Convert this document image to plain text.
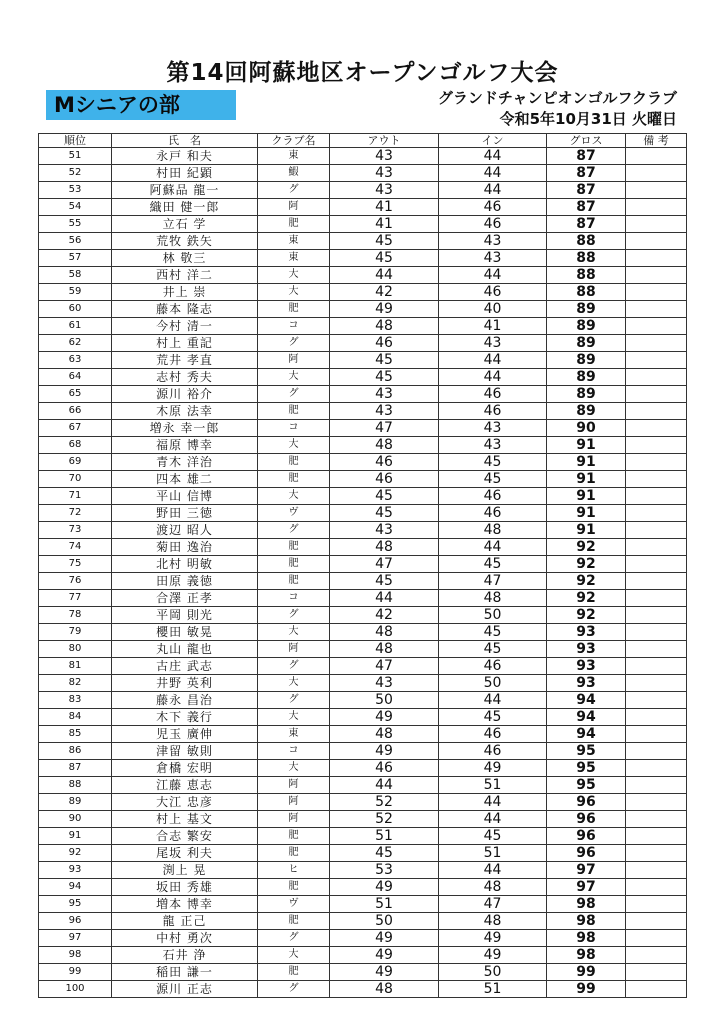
第14回阿蘇地区オープンゴルフ大会
Mシニアの部	グランドチャンピオンゴルフクラブ
令和5年10月31日 火曜日
順位	氏　名	クラブ名	アウト	イン	グロス	備 考
51	永戸 和夫	東	43	44	87	
52	村田 紀顕	鰕	43	44	87	
53	阿蘇品 龍一	グ	43	44	87	
54	織田 健一郎	阿	41	46	87	
55	立石 学	肥	41	46	87	
56	荒牧 鉄矢	東	45	43	88	
57	林 敬三	東	45	43	88	
58	西村 洋二	大	44	44	88	
59	井上 崇	大	42	46	88	
60	藤本 隆志	肥	49	40	89	
61	今村 清一	コ	48	41	89	
62	村上 重記	グ	46	43	89	
63	荒井 孝直	阿	45	44	89	
64	志村 秀夫	大	45	44	89	
65	源川 裕介	グ	43	46	89	
66	木原 法幸	肥	43	46	89	
67	増永 幸一郎	コ	47	43	90	
68	福原 博幸	大	48	43	91	
69	青木 洋治	肥	46	45	91	
70	四本 雄二	肥	46	45	91	
71	平山 信博	大	45	46	91	
72	野田 三徳	ヴ	45	46	91	
73	渡辺 昭人	グ	43	48	91	
74	菊田 逸治	肥	48	44	92	
75	北村 明敏	肥	47	45	92	
76	田原 義徳	肥	45	47	92	
77	合澤 正孝	コ	44	48	92	
78	平岡 則光	グ	42	50	92	
79	櫻田 敏晃	大	48	45	93	
80	丸山 龍也	阿	48	45	93	
81	古庄 武志	グ	47	46	93	
82	井野 英利	大	43	50	93	
83	藤永 昌治	グ	50	44	94	
84	木下 義行	大	49	45	94	
85	児玉 廣伸	東	48	46	94	
86	津留 敏則	コ	49	46	95	
87	倉橋 宏明	大	46	49	95	
88	江藤 恵志	阿	44	51	95	
89	大江 忠彦	阿	52	44	96	
90	村上 基文	阿	52	44	96	
91	合志 繁安	肥	51	45	96	
92	尾坂 利夫	肥	45	51	96	
93	渕上 晃	ヒ	53	44	97	
94	坂田 秀雄	肥	49	48	97	
95	増本 博幸	ヴ	51	47	98	
96	龍 正己	肥	50	48	98	
97	中村 勇次	グ	49	49	98	
98	石井 浄	大	49	49	98	
99	稲田 謙一	肥	49	50	99	
100	源川 正志	グ	48	51	99	
